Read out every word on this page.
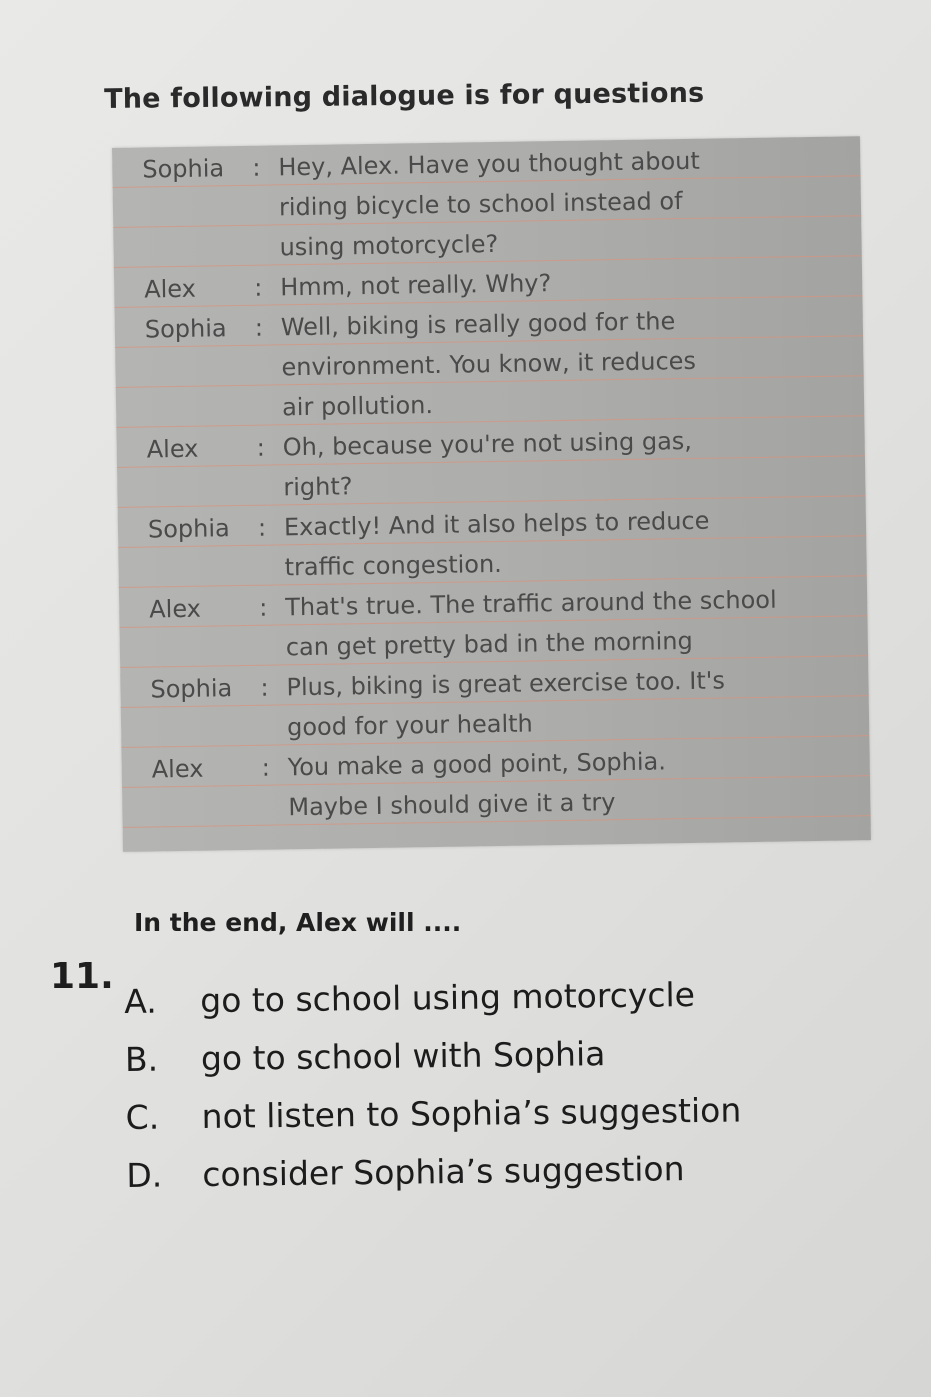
The following dialogue is for questions
Sophia	: Hey, Alex. Have you thought about
riding bicycle to school instead of
using motorcycle?
Alex	: Hmm, not really. Why?
Sophia	: Well, biking is really good for the
environment. You know, it reduces
air pollution.
Alex	: Oh, because you're not using gas,
right?
Sophia	: Exactly! And it also helps to reduce
traffic congestion.
Alex	: That's true. The traffic around the school
can get pretty bad in the morning
Sophia	: Plus, biking is great exercise too. It's
good for your health
Alex	: You make a good point, Sophia.
Maybe I should give it a try
In the end, Alex will ....
11.
A. go to school using motorcycle
B. go to school with Sophia
C. not listen to Sophia’s suggestion
D. consider Sophia’s suggestion
